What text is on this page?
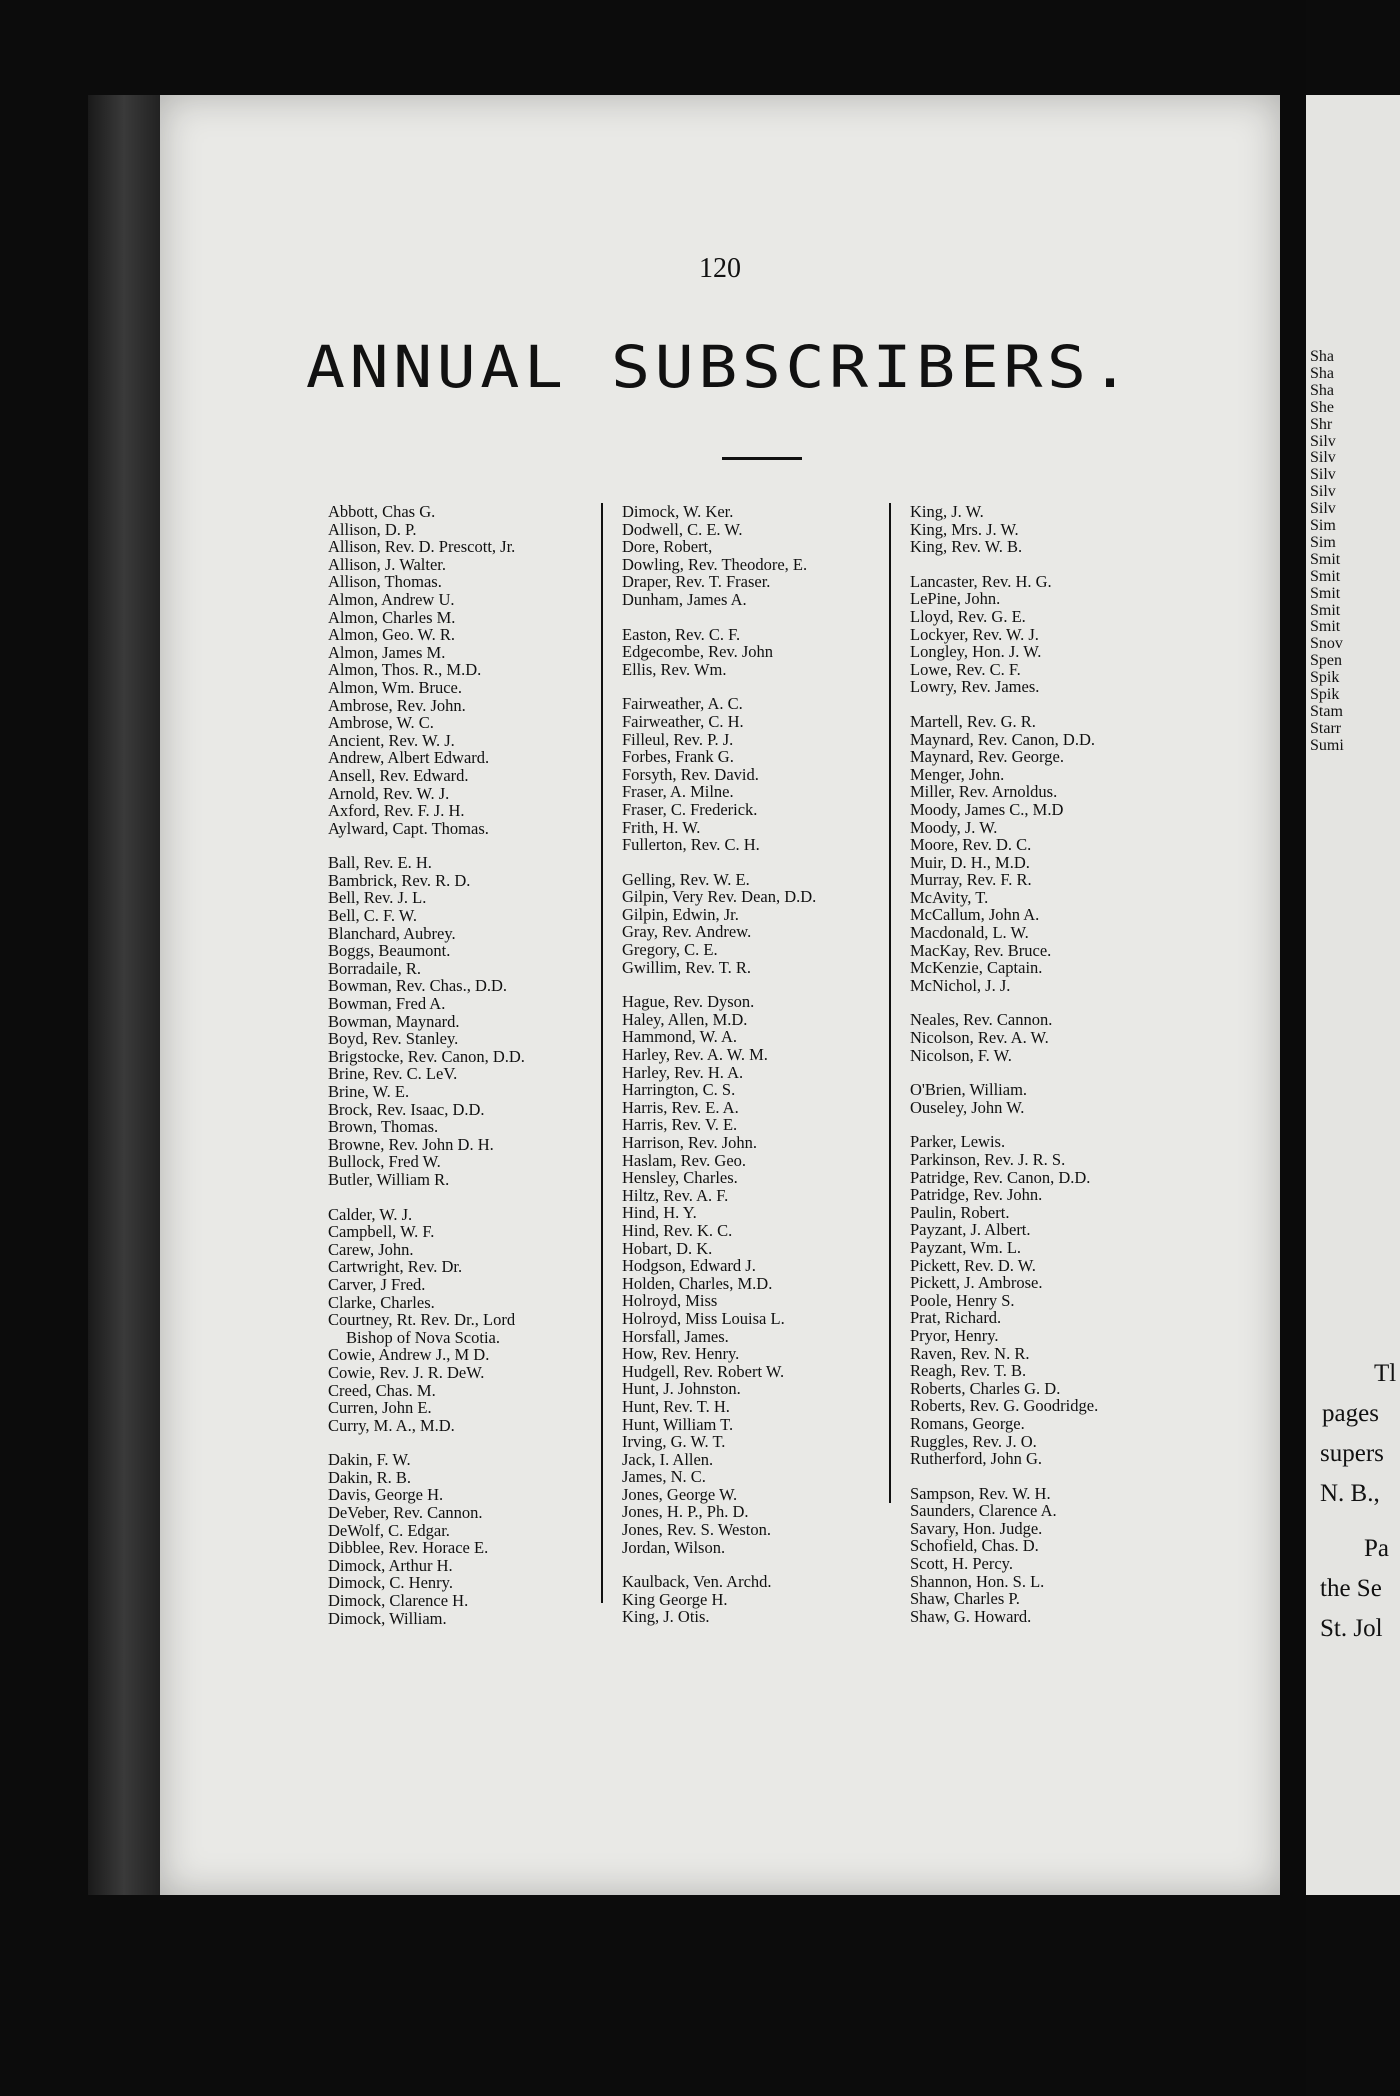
120
ANNUAL SUBSCRIBERS.
Abbott, Chas G.
Allison, D. P.
Allison, Rev. D. Prescott, Jr.
Allison, J. Walter.
Allison, Thomas.
Almon, Andrew U.
Almon, Charles M.
Almon, Geo. W. R.
Almon, James M.
Almon, Thos. R., M.D.
Almon, Wm. Bruce.
Ambrose, Rev. John.
Ambrose, W. C.
Ancient, Rev. W. J.
Andrew, Albert Edward.
Ansell, Rev. Edward.
Arnold, Rev. W. J.
Axford, Rev. F. J. H.
Aylward, Capt. Thomas.
Ball, Rev. E. H.
Bambrick, Rev. R. D.
Bell, Rev. J. L.
Bell, C. F. W.
Blanchard, Aubrey.
Boggs, Beaumont.
Borradaile, R.
Bowman, Rev. Chas., D.D.
Bowman, Fred A.
Bowman, Maynard.
Boyd, Rev. Stanley.
Brigstocke, Rev. Canon, D.D.
Brine, Rev. C. LeV.
Brine, W. E.
Brock, Rev. Isaac, D.D.
Brown, Thomas.
Browne, Rev. John D. H.
Bullock, Fred W.
Butler, William R.
Calder, W. J.
Campbell, W. F.
Carew, John.
Cartwright, Rev. Dr.
Carver, J Fred.
Clarke, Charles.
Courtney, Rt. Rev. Dr., Lord
Bishop of Nova Scotia.
Cowie, Andrew J., M D.
Cowie, Rev. J. R. DeW.
Creed, Chas. M.
Curren, John E.
Curry, M. A., M.D.
Dakin, F. W.
Dakin, R. B.
Davis, George H.
DeVeber, Rev. Cannon.
DeWolf, C. Edgar.
Dibblee, Rev. Horace E.
Dimock, Arthur H.
Dimock, C. Henry.
Dimock, Clarence H.
Dimock, William.
Dimock, W. Ker.
Dodwell, C. E. W.
Dore, Robert,
Dowling, Rev. Theodore, E.
Draper, Rev. T. Fraser.
Dunham, James A.
Easton, Rev. C. F.
Edgecombe, Rev. John
Ellis, Rev. Wm.
Fairweather, A. C.
Fairweather, C. H.
Filleul, Rev. P. J.
Forbes, Frank G.
Forsyth, Rev. David.
Fraser, A. Milne.
Fraser, C. Frederick.
Frith, H. W.
Fullerton, Rev. C. H.
Gelling, Rev. W. E.
Gilpin, Very Rev. Dean, D.D.
Gilpin, Edwin, Jr.
Gray, Rev. Andrew.
Gregory, C. E.
Gwillim, Rev. T. R.
Hague, Rev. Dyson.
Haley, Allen, M.D.
Hammond, W. A.
Harley, Rev. A. W. M.
Harley, Rev. H. A.
Harrington, C. S.
Harris, Rev. E. A.
Harris, Rev. V. E.
Harrison, Rev. John.
Haslam, Rev. Geo.
Hensley, Charles.
Hiltz, Rev. A. F.
Hind, H. Y.
Hind, Rev. K. C.
Hobart, D. K.
Hodgson, Edward J.
Holden, Charles, M.D.
Holroyd, Miss
Holroyd, Miss Louisa L.
Horsfall, James.
How, Rev. Henry.
Hudgell, Rev. Robert W.
Hunt, J. Johnston.
Hunt, Rev. T. H.
Hunt, William T.
Irving, G. W. T.
Jack, I. Allen.
James, N. C.
Jones, George W.
Jones, H. P., Ph. D.
Jones, Rev. S. Weston.
Jordan, Wilson.
Kaulback, Ven. Archd.
King George H.
King, J. Otis.
King, J. W.
King, Mrs. J. W.
King, Rev. W. B.
Lancaster, Rev. H. G.
LePine, John.
Lloyd, Rev. G. E.
Lockyer, Rev. W. J.
Longley, Hon. J. W.
Lowe, Rev. C. F.
Lowry, Rev. James.
Martell, Rev. G. R.
Maynard, Rev. Canon, D.D.
Maynard, Rev. George.
Menger, John.
Miller, Rev. Arnoldus.
Moody, James C., M.D
Moody, J. W.
Moore, Rev. D. C.
Muir, D. H., M.D.
Murray, Rev. F. R.
McAvity, T.
McCallum, John A.
Macdonald, L. W.
MacKay, Rev. Bruce.
McKenzie, Captain.
McNichol, J. J.
Neales, Rev. Cannon.
Nicolson, Rev. A. W.
Nicolson, F. W.
O'Brien, William.
Ouseley, John W.
Parker, Lewis.
Parkinson, Rev. J. R. S.
Patridge, Rev. Canon, D.D.
Patridge, Rev. John.
Paulin, Robert.
Payzant, J. Albert.
Payzant, Wm. L.
Pickett, Rev. D. W.
Pickett, J. Ambrose.
Poole, Henry S.
Prat, Richard.
Pryor, Henry.
Raven, Rev. N. R.
Reagh, Rev. T. B.
Roberts, Charles G. D.
Roberts, Rev. G. Goodridge.
Romans, George.
Ruggles, Rev. J. O.
Rutherford, John G.
Sampson, Rev. W. H.
Saunders, Clarence A.
Savary, Hon. Judge.
Schofield, Chas. D.
Scott, H. Percy.
Shannon, Hon. S. L.
Shaw, Charles P.
Shaw, G. Howard.
Sha
Sha
Sha
She
Shr
Silv
Silv
Silv
Silv
Silv
Sim
Sim
Smit
Smit
Smit
Smit
Smit
Snov
Spen
Spik
Spik
Stam
Starr
Sumi
Tl
pages
supers
N. B.,
Pa
the Se
St. Jol
